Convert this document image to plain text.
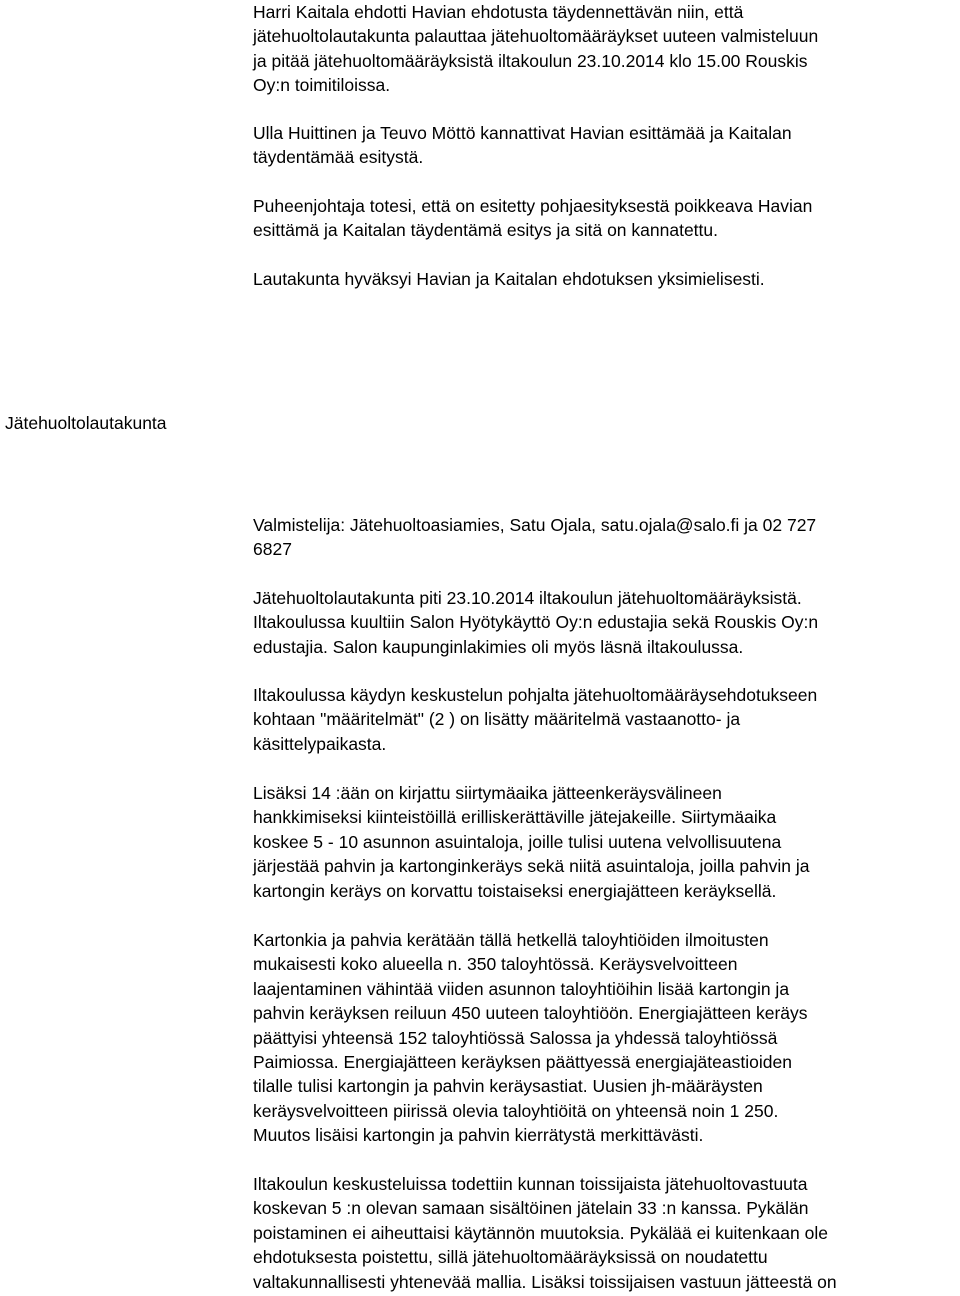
Harri Kaitala ehdotti Havian ehdotusta täydennettävän niin, että
jätehuoltolautakunta palauttaa jätehuoltomääräykset uuteen valmisteluun
ja pitää jätehuoltomääräyksistä iltakoulun 23.10.2014 klo 15.00 Rouskis
Oy:n toimitiloissa.
Ulla Huittinen ja Teuvo Möttö kannattivat Havian esittämää ja Kaitalan
täydentämää esitystä.
Puheenjohtaja totesi, että on esitetty pohjaesityksestä poikkeava Havian
esittämä ja Kaitalan täydentämä esitys ja sitä on kannatettu.
Lautakunta hyväksyi Havian ja Kaitalan ehdotuksen yksimielisesti.
Jätehuoltolautakunta
Valmistelija: Jätehuoltoasiamies, Satu Ojala, satu.ojala@salo.fi ja 02 727
6827
Jätehuoltolautakunta piti 23.10.2014 iltakoulun jätehuoltomääräyksistä.
Iltakoulussa kuultiin Salon Hyötykäyttö Oy:n edustajia sekä Rouskis Oy:n
edustajia. Salon kaupunginlakimies oli myös läsnä iltakoulussa.
Iltakoulussa käydyn keskustelun pohjalta jätehuoltomääräysehdotukseen
kohtaan "määritelmät" (2 ) on lisätty määritelmä vastaanotto- ja
käsittelypaikasta.
Lisäksi 14 :ään on kirjattu siirtymäaika jätteenkeräysvälineen
hankkimiseksi kiinteistöillä erilliskerättäville jätejakeille. Siirtymäaika
koskee 5 - 10 asunnon asuintaloja, joille tulisi uutena velvollisuutena
järjestää pahvin ja kartonginkeräys sekä niitä asuintaloja, joilla pahvin ja
kartongin keräys on korvattu toistaiseksi energiajätteen keräyksellä.
Kartonkia ja pahvia kerätään tällä hetkellä taloyhtiöiden ilmoitusten
mukaisesti koko alueella n. 350 taloyhtössä. Keräysvelvoitteen
laajentaminen vähintää viiden asunnon taloyhtiöihin lisää kartongin ja
pahvin keräyksen reiluun 450 uuteen taloyhtiöön. Energiajätteen keräys
päättyisi yhteensä 152 taloyhtiössä Salossa ja yhdessä taloyhtiössä
Paimiossa. Energiajätteen keräyksen päättyessä energiajäteastioiden
tilalle tulisi kartongin ja pahvin keräysastiat. Uusien jh-määräysten
keräysvelvoitteen piirissä olevia taloyhtiöitä on yhteensä noin 1 250.
Muutos lisäisi kartongin ja pahvin kierrätystä merkittävästi.
Iltakoulun keskusteluissa todettiin kunnan toissijaista jätehuoltovastuuta
koskevan 5 :n olevan samaan sisältöinen jätelain 33 :n kanssa. Pykälän
poistaminen ei aiheuttaisi käytännön muutoksia. Pykälää ei kuitenkaan ole
ehdotuksesta poistettu, sillä jätehuoltomääräyksissä on noudatettu
valtakunnallisesti yhtenevää mallia. Lisäksi toissijaisen vastuun jätteestä on
